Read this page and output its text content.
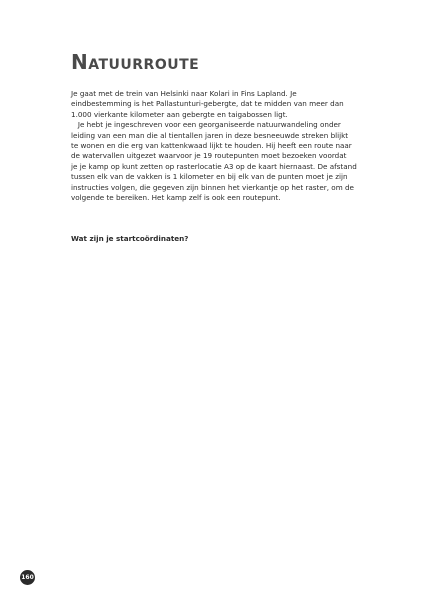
Natuurroute
Je gaat met de trein van Helsinki naar Kolari in Fins Lapland. Je
eindbestemming is het Pallastunturi-gebergte, dat te midden van meer dan
1.000 vierkante kilometer aan gebergte en taigabossen ligt.
Je hebt je ingeschreven voor een georganiseerde natuurwandeling onder
leiding van een man die al tientallen jaren in deze besneeuwde streken blijkt
te wonen en die erg van kattenkwaad lijkt te houden. Hij heeft een route naar
de watervallen uitgezet waarvoor je 19 routepunten moet bezoeken voordat
je je kamp op kunt zetten op rasterlocatie A3 op de kaart hiernaast. De afstand
tussen elk van de vakken is 1 kilometer en bij elk van de punten moet je zijn
instructies volgen, die gegeven zijn binnen het vierkantje op het raster, om de
volgende te bereiken. Het kamp zelf is ook een routepunt.
Wat zijn je startcoördinaten?
160
